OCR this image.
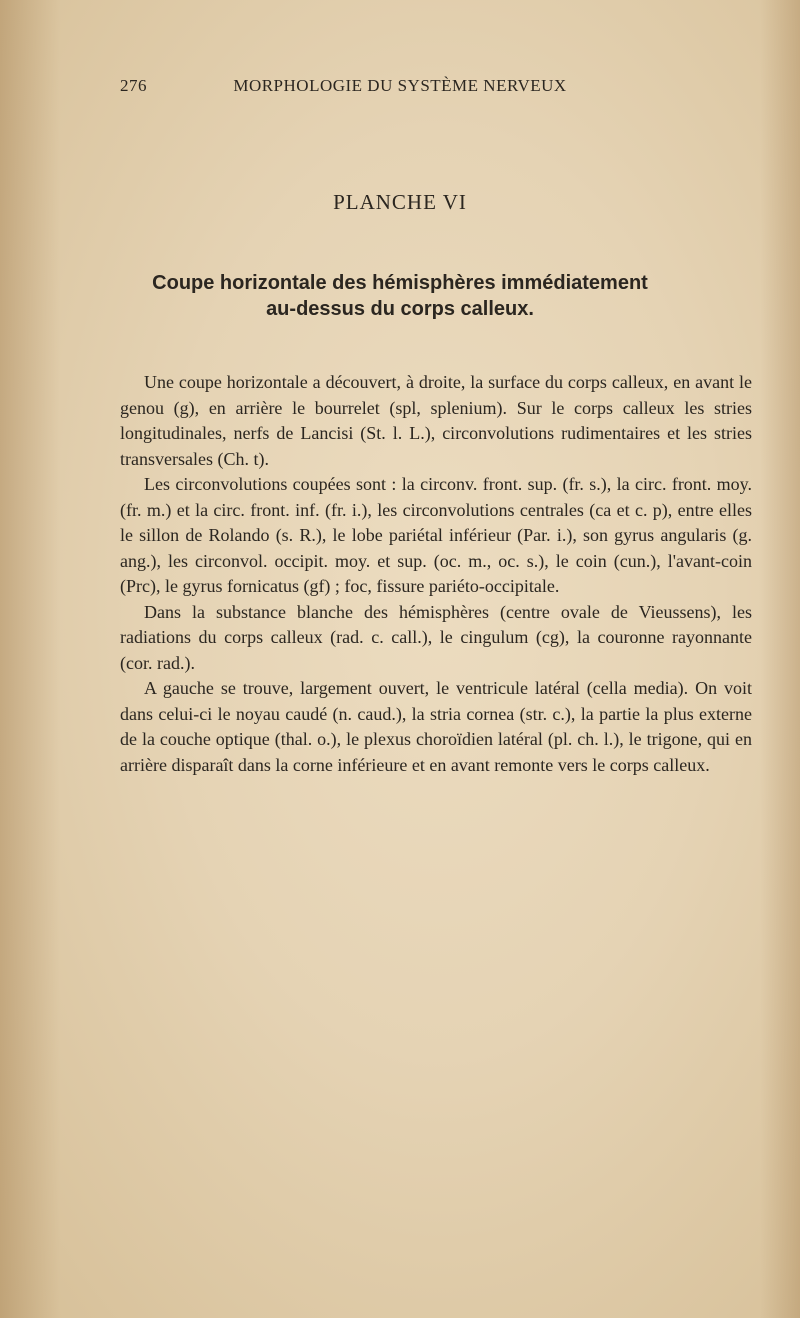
276	MORPHOLOGIE DU SYSTÈME NERVEUX
PLANCHE VI
Coupe horizontale des hémisphères immédiatement
au-dessus du corps calleux.

Une coupe horizontale a découvert, à droite, la surface du corps calleux, en avant le genou (g), en arrière le bourrelet (spl, splenium). Sur le corps calleux les stries longitudinales, nerfs de Lancisi (St. l. L.), circonvolutions rudimentaires et les stries transversales (Ch. t).

Les circonvolutions coupées sont : la circonv. front. sup. (fr. s.), la circ. front. moy. (fr. m.) et la circ. front. inf. (fr. i.), les circonvolutions centrales (ca et c. p), entre elles le sillon de Rolando (s. R.), le lobe pariétal inférieur (Par. i.), son gyrus angularis (g. ang.), les circonvol. occipit. moy. et sup. (oc. m., oc. s.), le coin (cun.), l'avant-coin (Prc), le gyrus fornicatus (gf) ; foc, fissure pariéto-occipitale.

Dans la substance blanche des hémisphères (centre ovale de Vieussens), les radiations du corps calleux (rad. c. call.), le cingulum (cg), la couronne rayonnante (cor. rad.).

A gauche se trouve, largement ouvert, le ventricule latéral (cella media). On voit dans celui-ci le noyau caudé (n. caud.), la stria cornea (str. c.), la partie la plus externe de la couche optique (thal. o.), le plexus choroïdien latéral (pl. ch. l.), le trigone, qui en arrière disparaît dans la corne inférieure et en avant remonte vers le corps calleux.
